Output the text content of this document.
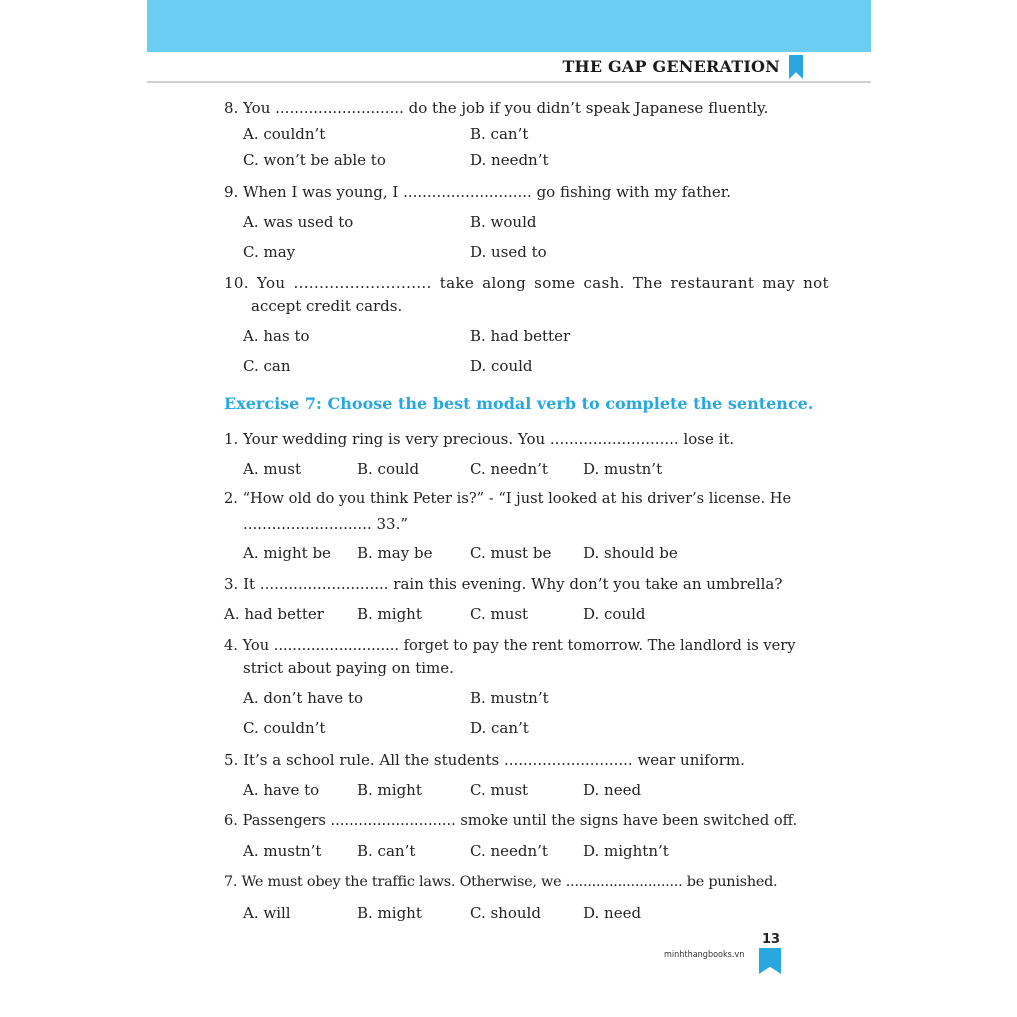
THE GAP GENERATION
8. You ........................... do the job if you didn’t speak Japanese fluently.
A. couldn’t	B. can’t
C. won’t be able to	D. needn’t
9. When I was young, I ........................... go fishing with my father.
A. was used to	B. would
C. may	D. used to
10. You ........................... take along some cash. The restaurant may not
accept credit cards.
A. has to	B. had better
C. can	D. could
Exercise 7: Choose the best modal verb to complete the sentence.
1. Your wedding ring is very precious. You ........................... lose it.
A. must	B. could	C. needn’t D. mustn’t
2. “How old do you think Peter is?” - “I just looked at his driver’s license. He
........................... 33.”
A. might be B. may be	C. must be D. should be
3. It ........................... rain this evening. Why don’t you take an umbrella?
A. had better B. might	C. must	D. could
4. You ........................... forget to pay the rent tomorrow. The landlord is very
strict about paying on time.
A. don’t have to	B. mustn’t
C. couldn’t	D. can’t
5. It’s a school rule. All the students ........................... wear uniform.
A. have to	B. might	C. must	D. need
6. Passengers ........................... smoke until the signs have been switched off.
A. mustn’t B. can’t	C. needn’t D. mightn’t
7. We must obey the traffic laws. Otherwise, we ........................... be punished.
A. will	B. might	C. should	D. need
13
minhthangbooks.vn
